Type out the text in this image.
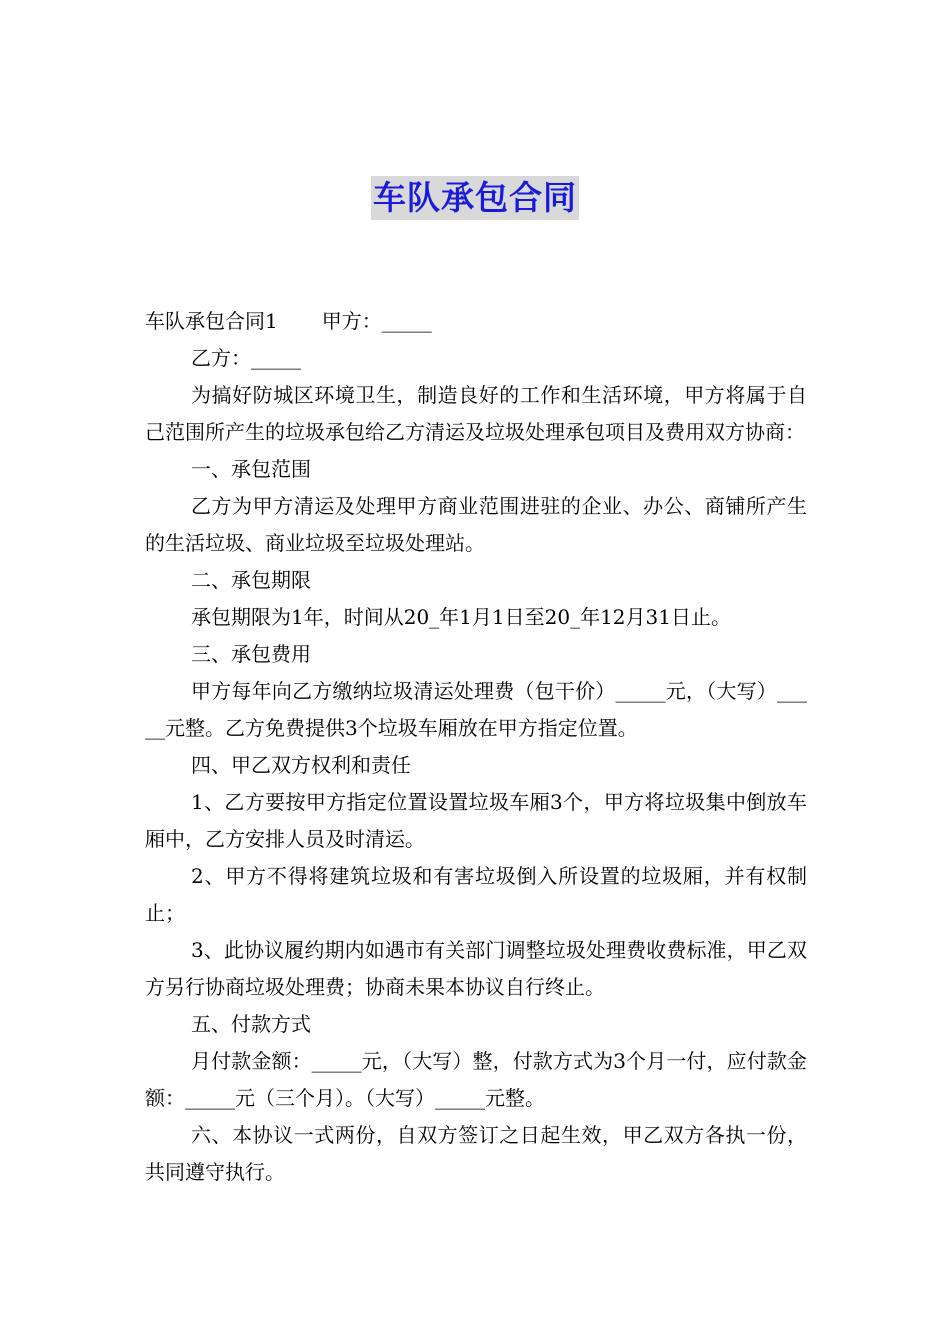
车队承包合同

车队承包合同1 甲方：_____

乙方：_____

为搞好防城区环境卫生，制造良好的工作和生活环境，甲方将属于自己范围所产生的垃圾承包给乙方清运及垃圾处理承包项目及费用双方协商：

一、承包范围

乙方为甲方清运及处理甲方商业范围进驻的企业、办公、商铺所产生的生活垃圾、商业垃圾至垃圾处理站。

二、承包期限

承包期限为1年，时间从20_年1月1日至20_年12月31日止。

三、承包费用

甲方每年向乙方缴纳垃圾清运处理费（包干价）_____元，（大写）_____元整。乙方免费提供3个垃圾车厢放在甲方指定位置。

四、甲乙双方权利和责任

1、乙方要按甲方指定位置设置垃圾车厢3个，甲方将垃圾集中倒放车厢中，乙方安排人员及时清运。

2、甲方不得将建筑垃圾和有害垃圾倒入所设置的垃圾厢，并有权制止；

3、此协议履约期内如遇市有关部门调整垃圾处理费收费标准，甲乙双方另行协商垃圾处理费；协商未果本协议自行终止。

五、付款方式

月付款金额：_____元，（大写）整，付款方式为3个月一付，应付款金额：_____元（三个月）。（大写）_____元整。

六、本协议一式两份，自双方签订之日起生效，甲乙双方各执一份，共同遵守执行。
